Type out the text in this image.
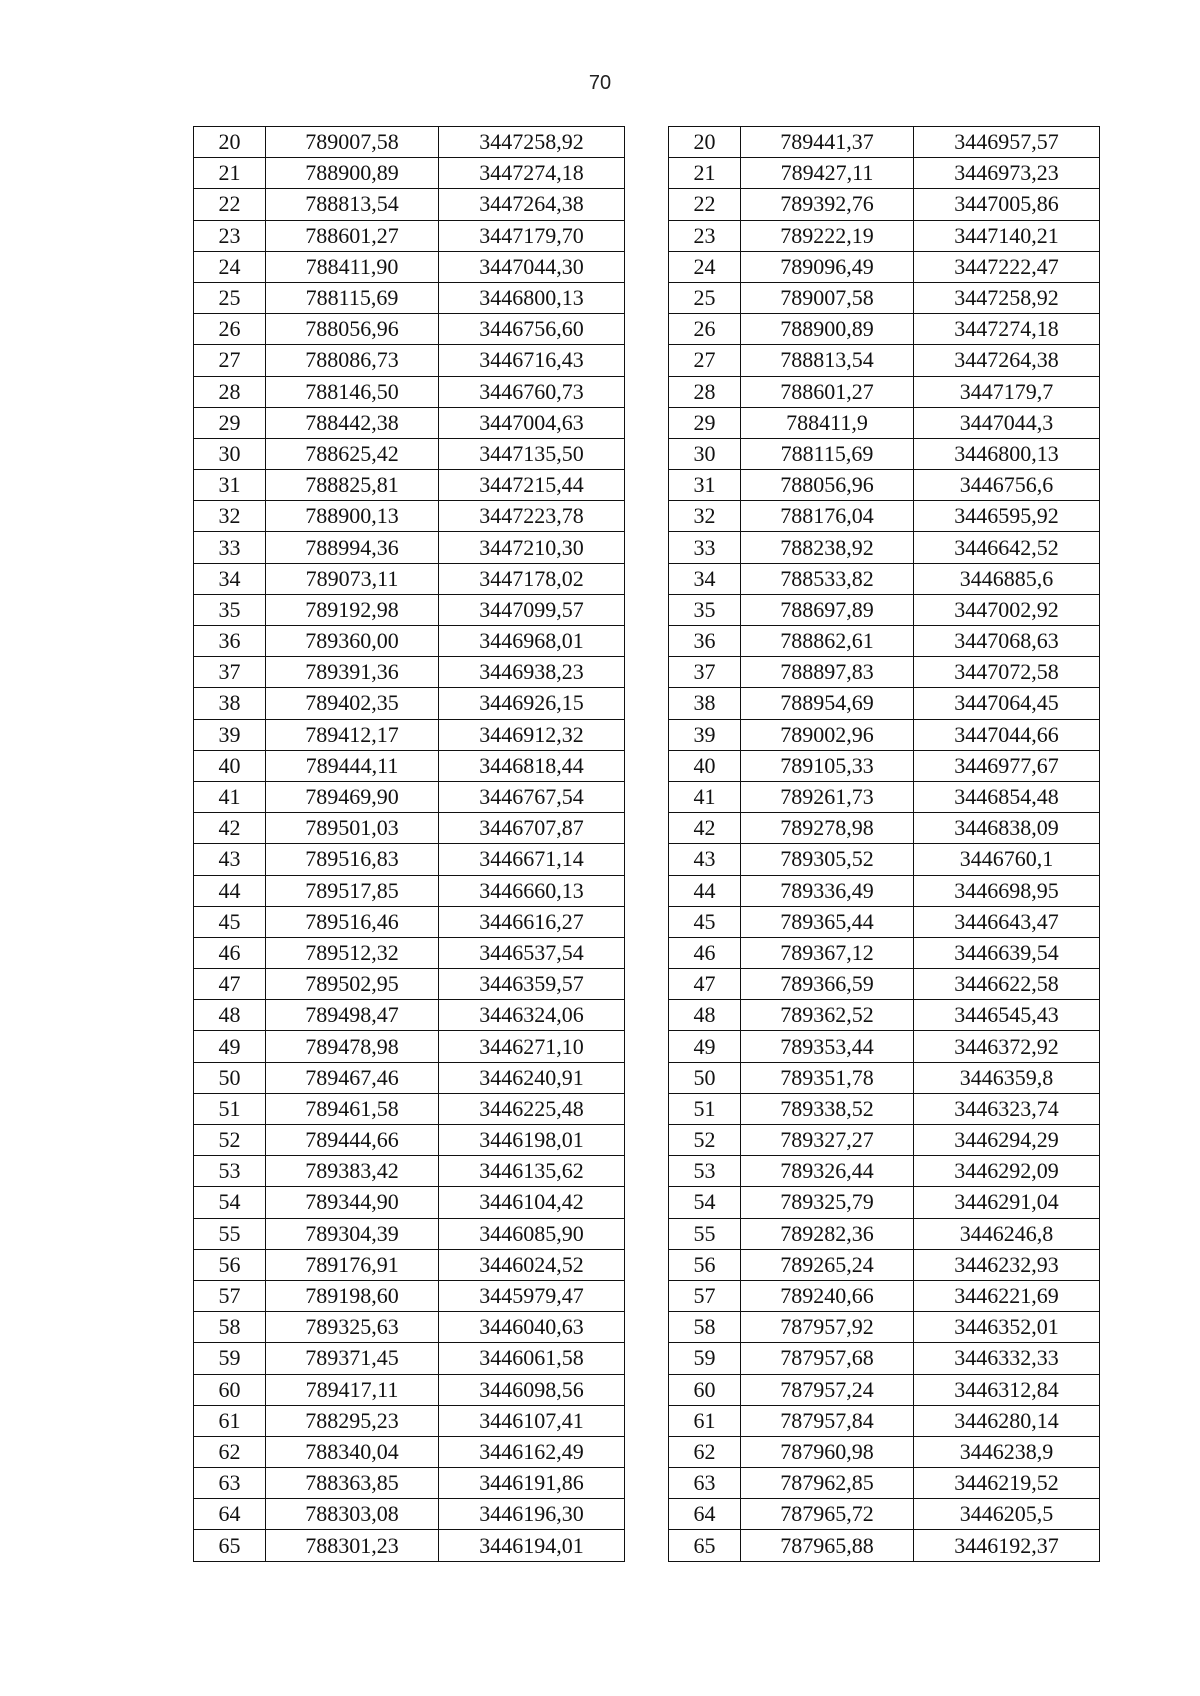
70
20	789007,58	3447258,92		20	789441,37	3446957,57
21	788900,89	3447274,18		21	789427,11	3446973,23
22	788813,54	3447264,38		22	789392,76	3447005,86
23	788601,27	3447179,70		23	789222,19	3447140,21
24	788411,90	3447044,30		24	789096,49	3447222,47
25	788115,69	3446800,13		25	789007,58	3447258,92
26	788056,96	3446756,60		26	788900,89	3447274,18
27	788086,73	3446716,43		27	788813,54	3447264,38
28	788146,50	3446760,73		28	788601,27	3447179,7
29	788442,38	3447004,63		29	788411,9	3447044,3
30	788625,42	3447135,50		30	788115,69	3446800,13
31	788825,81	3447215,44		31	788056,96	3446756,6
32	788900,13	3447223,78		32	788176,04	3446595,92
33	788994,36	3447210,30		33	788238,92	3446642,52
34	789073,11	3447178,02		34	788533,82	3446885,6
35	789192,98	3447099,57		35	788697,89	3447002,92
36	789360,00	3446968,01		36	788862,61	3447068,63
37	789391,36	3446938,23		37	788897,83	3447072,58
38	789402,35	3446926,15		38	788954,69	3447064,45
39	789412,17	3446912,32		39	789002,96	3447044,66
40	789444,11	3446818,44		40	789105,33	3446977,67
41	789469,90	3446767,54		41	789261,73	3446854,48
42	789501,03	3446707,87		42	789278,98	3446838,09
43	789516,83	3446671,14		43	789305,52	3446760,1
44	789517,85	3446660,13		44	789336,49	3446698,95
45	789516,46	3446616,27		45	789365,44	3446643,47
46	789512,32	3446537,54		46	789367,12	3446639,54
47	789502,95	3446359,57		47	789366,59	3446622,58
48	789498,47	3446324,06		48	789362,52	3446545,43
49	789478,98	3446271,10		49	789353,44	3446372,92
50	789467,46	3446240,91		50	789351,78	3446359,8
51	789461,58	3446225,48		51	789338,52	3446323,74
52	789444,66	3446198,01		52	789327,27	3446294,29
53	789383,42	3446135,62		53	789326,44	3446292,09
54	789344,90	3446104,42		54	789325,79	3446291,04
55	789304,39	3446085,90		55	789282,36	3446246,8
56	789176,91	3446024,52		56	789265,24	3446232,93
57	789198,60	3445979,47		57	789240,66	3446221,69
58	789325,63	3446040,63		58	787957,92	3446352,01
59	789371,45	3446061,58		59	787957,68	3446332,33
60	789417,11	3446098,56		60	787957,24	3446312,84
61	788295,23	3446107,41		61	787957,84	3446280,14
62	788340,04	3446162,49		62	787960,98	3446238,9
63	788363,85	3446191,86		63	787962,85	3446219,52
64	788303,08	3446196,30		64	787965,72	3446205,5
65	788301,23	3446194,01		65	787965,88	3446192,37
